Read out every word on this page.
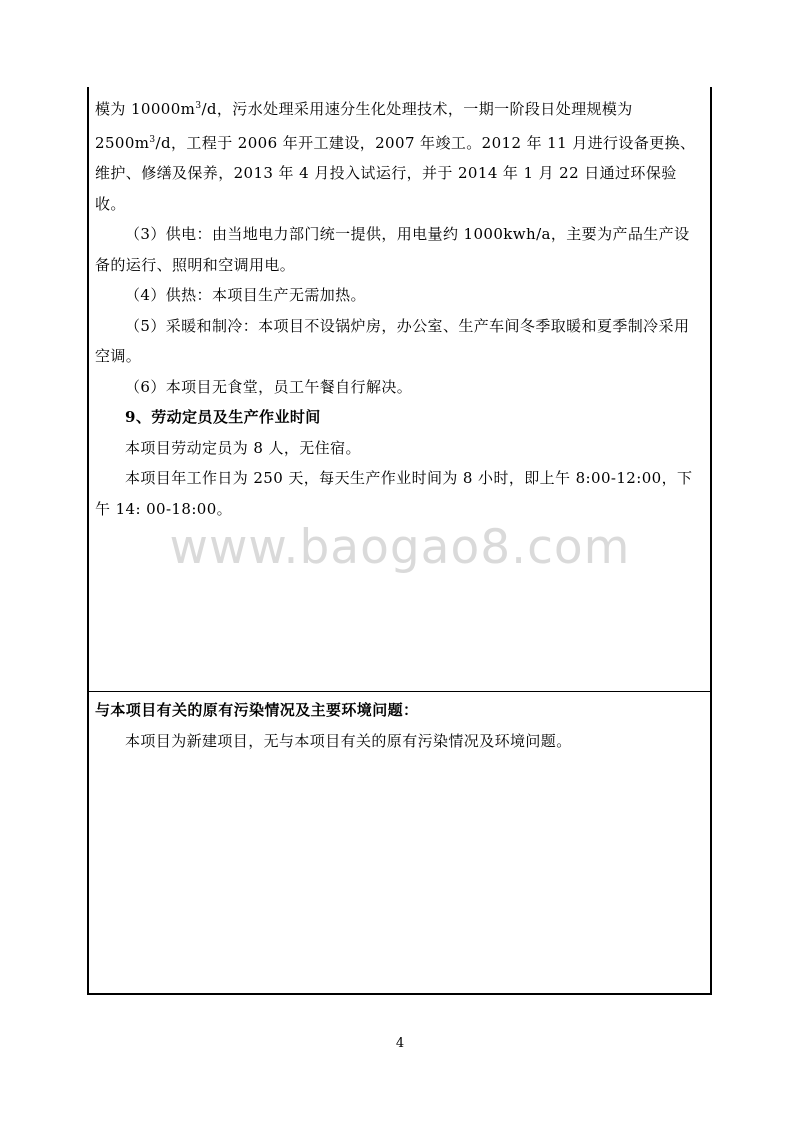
模为 $10000m^3/d$，污水处理采用速分生化处理技术，一期一阶段日处理规模为 $2500m^3/d$，工程于 2006 年开工建设，2007 年竣工。2012 年 11 月进行设备更换、维护、修缮及保养，2013 年 4 月投入试运行，并于 2014 年 1 月 22 日通过环保验收。

（3）供电：由当地电力部门统一提供，用电量约 1000kwh/a，主要为产品生产设备的运行、照明和空调用电。

（4）供热：本项目生产无需加热。

（5）采暖和制冷：本项目不设锅炉房，办公室、生产车间冬季取暖和夏季制冷采用空调。

（6）本项目无食堂，员工午餐自行解决。

9、劳动定员及生产作业时间

本项目劳动定员为 8 人，无住宿。

本项目年工作日为 250 天，每天生产作业时间为 8 小时，即上午 8:00-12:00，下午 14: 00-18:00。

与本项目有关的原有污染情况及主要环境问题：

本项目为新建项目，无与本项目有关的原有污染情况及环境问题。

www.baogao8.com
4
